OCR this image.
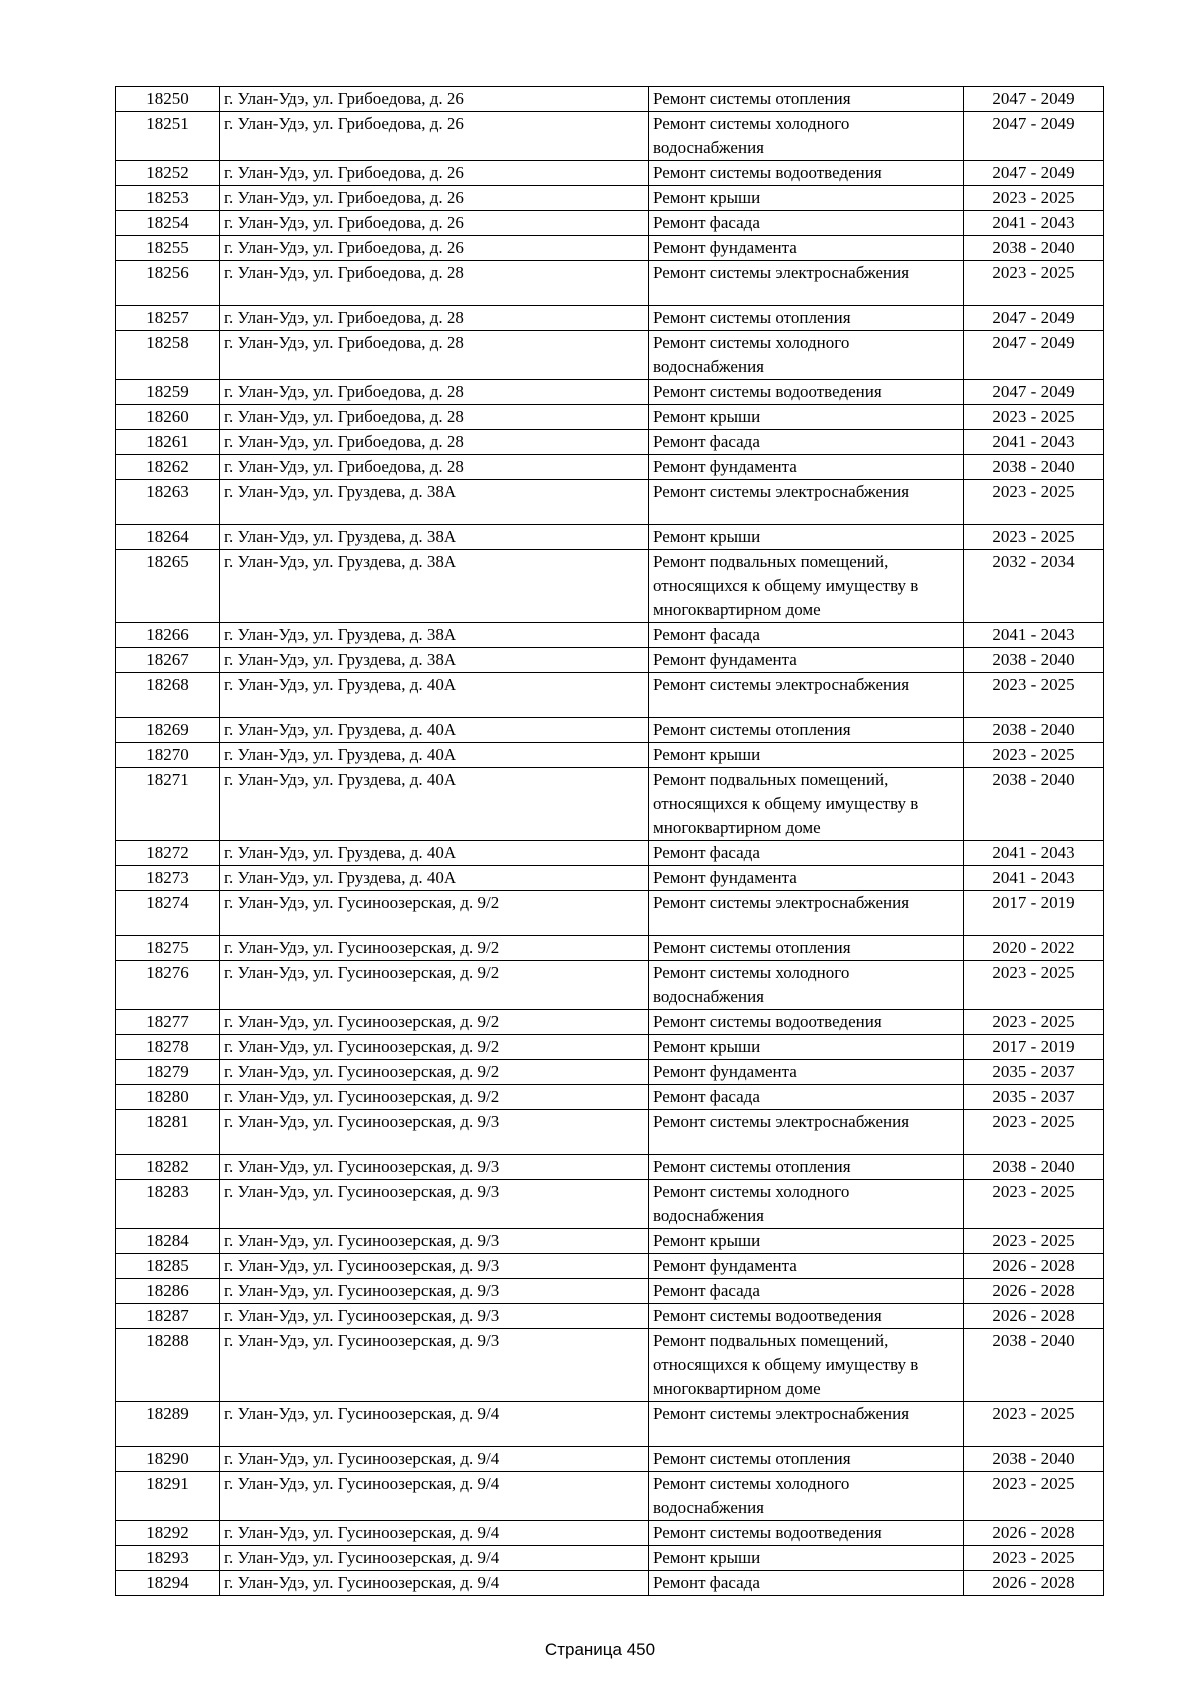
18250	г. Улан-Удэ, ул. Грибоедова, д. 26	Ремонт системы отопления	2047 - 2049
18251	г. Улан-Удэ, ул. Грибоедова, д. 26	Ремонт системы холодного водоснабжения	2047 - 2049
18252	г. Улан-Удэ, ул. Грибоедова, д. 26	Ремонт системы водоотведения	2047 - 2049
18253	г. Улан-Удэ, ул. Грибоедова, д. 26	Ремонт крыши	2023 - 2025
18254	г. Улан-Удэ, ул. Грибоедова, д. 26	Ремонт фасада	2041 - 2043
18255	г. Улан-Удэ, ул. Грибоедова, д. 26	Ремонт фундамента	2038 - 2040
18256	г. Улан-Удэ, ул. Грибоедова, д. 28	Ремонт системы электроснабжения	2023 - 2025
18257	г. Улан-Удэ, ул. Грибоедова, д. 28	Ремонт системы отопления	2047 - 2049
18258	г. Улан-Удэ, ул. Грибоедова, д. 28	Ремонт системы холодного водоснабжения	2047 - 2049
18259	г. Улан-Удэ, ул. Грибоедова, д. 28	Ремонт системы водоотведения	2047 - 2049
18260	г. Улан-Удэ, ул. Грибоедова, д. 28	Ремонт крыши	2023 - 2025
18261	г. Улан-Удэ, ул. Грибоедова, д. 28	Ремонт фасада	2041 - 2043
18262	г. Улан-Удэ, ул. Грибоедова, д. 28	Ремонт фундамента	2038 - 2040
18263	г. Улан-Удэ, ул. Груздева, д. 38А	Ремонт системы электроснабжения	2023 - 2025
18264	г. Улан-Удэ, ул. Груздева, д. 38А	Ремонт крыши	2023 - 2025
18265	г. Улан-Удэ, ул. Груздева, д. 38А	Ремонт подвальных помещений, относящихся к общему имуществу в многоквартирном доме	2032 - 2034
18266	г. Улан-Удэ, ул. Груздева, д. 38А	Ремонт фасада	2041 - 2043
18267	г. Улан-Удэ, ул. Груздева, д. 38А	Ремонт фундамента	2038 - 2040
18268	г. Улан-Удэ, ул. Груздева, д. 40А	Ремонт системы электроснабжения	2023 - 2025
18269	г. Улан-Удэ, ул. Груздева, д. 40А	Ремонт системы отопления	2038 - 2040
18270	г. Улан-Удэ, ул. Груздева, д. 40А	Ремонт крыши	2023 - 2025
18271	г. Улан-Удэ, ул. Груздева, д. 40А	Ремонт подвальных помещений, относящихся к общему имуществу в многоквартирном доме	2038 - 2040
18272	г. Улан-Удэ, ул. Груздева, д. 40А	Ремонт фасада	2041 - 2043
18273	г. Улан-Удэ, ул. Груздева, д. 40А	Ремонт фундамента	2041 - 2043
18274	г. Улан-Удэ, ул. Гусиноозерская, д. 9/2	Ремонт системы электроснабжения	2017 - 2019
18275	г. Улан-Удэ, ул. Гусиноозерская, д. 9/2	Ремонт системы отопления	2020 - 2022
18276	г. Улан-Удэ, ул. Гусиноозерская, д. 9/2	Ремонт системы холодного водоснабжения	2023 - 2025
18277	г. Улан-Удэ, ул. Гусиноозерская, д. 9/2	Ремонт системы водоотведения	2023 - 2025
18278	г. Улан-Удэ, ул. Гусиноозерская, д. 9/2	Ремонт крыши	2017 - 2019
18279	г. Улан-Удэ, ул. Гусиноозерская, д. 9/2	Ремонт фундамента	2035 - 2037
18280	г. Улан-Удэ, ул. Гусиноозерская, д. 9/2	Ремонт фасада	2035 - 2037
18281	г. Улан-Удэ, ул. Гусиноозерская, д. 9/3	Ремонт системы электроснабжения	2023 - 2025
18282	г. Улан-Удэ, ул. Гусиноозерская, д. 9/3	Ремонт системы отопления	2038 - 2040
18283	г. Улан-Удэ, ул. Гусиноозерская, д. 9/3	Ремонт системы холодного водоснабжения	2023 - 2025
18284	г. Улан-Удэ, ул. Гусиноозерская, д. 9/3	Ремонт крыши	2023 - 2025
18285	г. Улан-Удэ, ул. Гусиноозерская, д. 9/3	Ремонт фундамента	2026 - 2028
18286	г. Улан-Удэ, ул. Гусиноозерская, д. 9/3	Ремонт фасада	2026 - 2028
18287	г. Улан-Удэ, ул. Гусиноозерская, д. 9/3	Ремонт системы водоотведения	2026 - 2028
18288	г. Улан-Удэ, ул. Гусиноозерская, д. 9/3	Ремонт подвальных помещений, относящихся к общему имуществу в многоквартирном доме	2038 - 2040
18289	г. Улан-Удэ, ул. Гусиноозерская, д. 9/4	Ремонт системы электроснабжения	2023 - 2025
18290	г. Улан-Удэ, ул. Гусиноозерская, д. 9/4	Ремонт системы отопления	2038 - 2040
18291	г. Улан-Удэ, ул. Гусиноозерская, д. 9/4	Ремонт системы холодного водоснабжения	2023 - 2025
18292	г. Улан-Удэ, ул. Гусиноозерская, д. 9/4	Ремонт системы водоотведения	2026 - 2028
18293	г. Улан-Удэ, ул. Гусиноозерская, д. 9/4	Ремонт крыши	2023 - 2025
18294	г. Улан-Удэ, ул. Гусиноозерская, д. 9/4	Ремонт фасада	2026 - 2028
Страница 450
